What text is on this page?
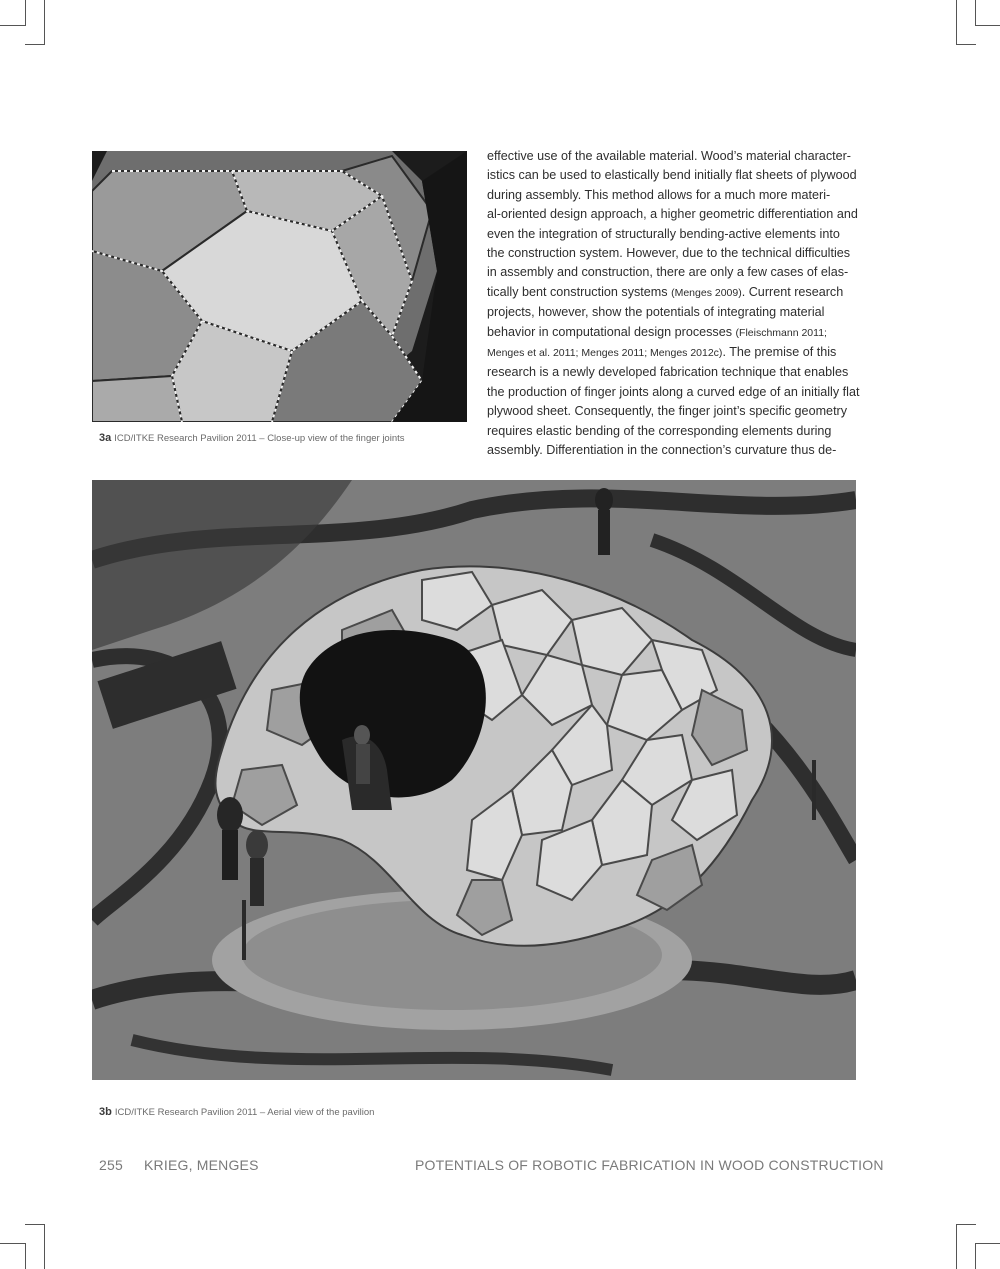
3a ICD/ITKE Research Pavilion 2011 – Close-up view of the finger joints
effective use of the available material. Wood’s material character-
istics can be used to elastically bend initially flat sheets of plywood
during assembly. This method allows for a much more materi-
al-oriented design approach, a higher geometric differentiation and
even the integration of structurally bending-active elements into
the construction system. However, due to the technical difficulties
in assembly and construction, there are only a few cases of elas-
tically bent construction systems (Menges 2009). Current research
projects, however, show the potentials of integrating material
behavior in computational design processes (Fleischmann 2011;
Menges et al. 2011; Menges 2011; Menges 2012c). The premise of this
research is a newly developed fabrication technique that enables
the production of finger joints along a curved edge of an initially flat
plywood sheet. Consequently, the finger joint’s specific geometry
requires elastic bending of the corresponding elements during
assembly. Differentiation in the connection’s curvature thus de-
3b ICD/ITKE Research Pavilion 2011 – Aerial view of the pavilion
255 KRIEG, MENGES	POTENTIALS OF ROBOTIC FABRICATION IN WOOD CONSTRUCTION
